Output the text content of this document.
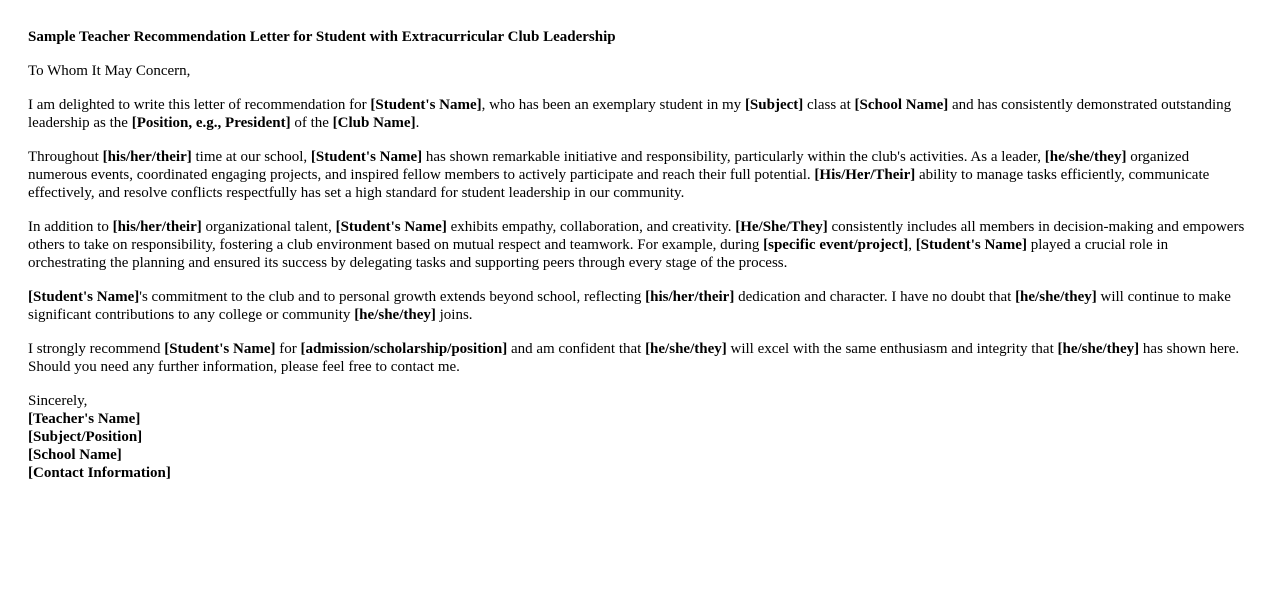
Sample Teacher Recommendation Letter for Student with Extracurricular Club Leadership

To Whom It May Concern,

I am delighted to write this letter of recommendation for [Student's Name], who has been an exemplary student in my [Subject] class at [School Name] and has consistently demonstrated outstanding leadership as the [Position, e.g., President] of the [Club Name].

Throughout [his/her/their] time at our school, [Student's Name] has shown remarkable initiative and responsibility, particularly within the club's activities. As a leader, [he/she/they] organized numerous events, coordinated engaging projects, and inspired fellow members to actively participate and reach their full potential. [His/Her/Their] ability to manage tasks efficiently, communicate effectively, and resolve conflicts respectfully has set a high standard for student leadership in our community.

In addition to [his/her/their] organizational talent, [Student's Name] exhibits empathy, collaboration, and creativity. [He/She/They] consistently includes all members in decision-making and empowers others to take on responsibility, fostering a club environment based on mutual respect and teamwork. For example, during [specific event/project], [Student's Name] played a crucial role in orchestrating the planning and ensured its success by delegating tasks and supporting peers through every stage of the process.

[Student's Name]'s commitment to the club and to personal growth extends beyond school, reflecting [his/her/their] dedication and character. I have no doubt that [he/she/they] will continue to make significant contributions to any college or community [he/she/they] joins.

I strongly recommend [Student's Name] for [admission/scholarship/position] and am confident that [he/she/they] will excel with the same enthusiasm and integrity that [he/she/they] has shown here. Should you need any further information, please feel free to contact me.

Sincerely,
[Teacher's Name]
[Subject/Position]
[School Name]
[Contact Information]
